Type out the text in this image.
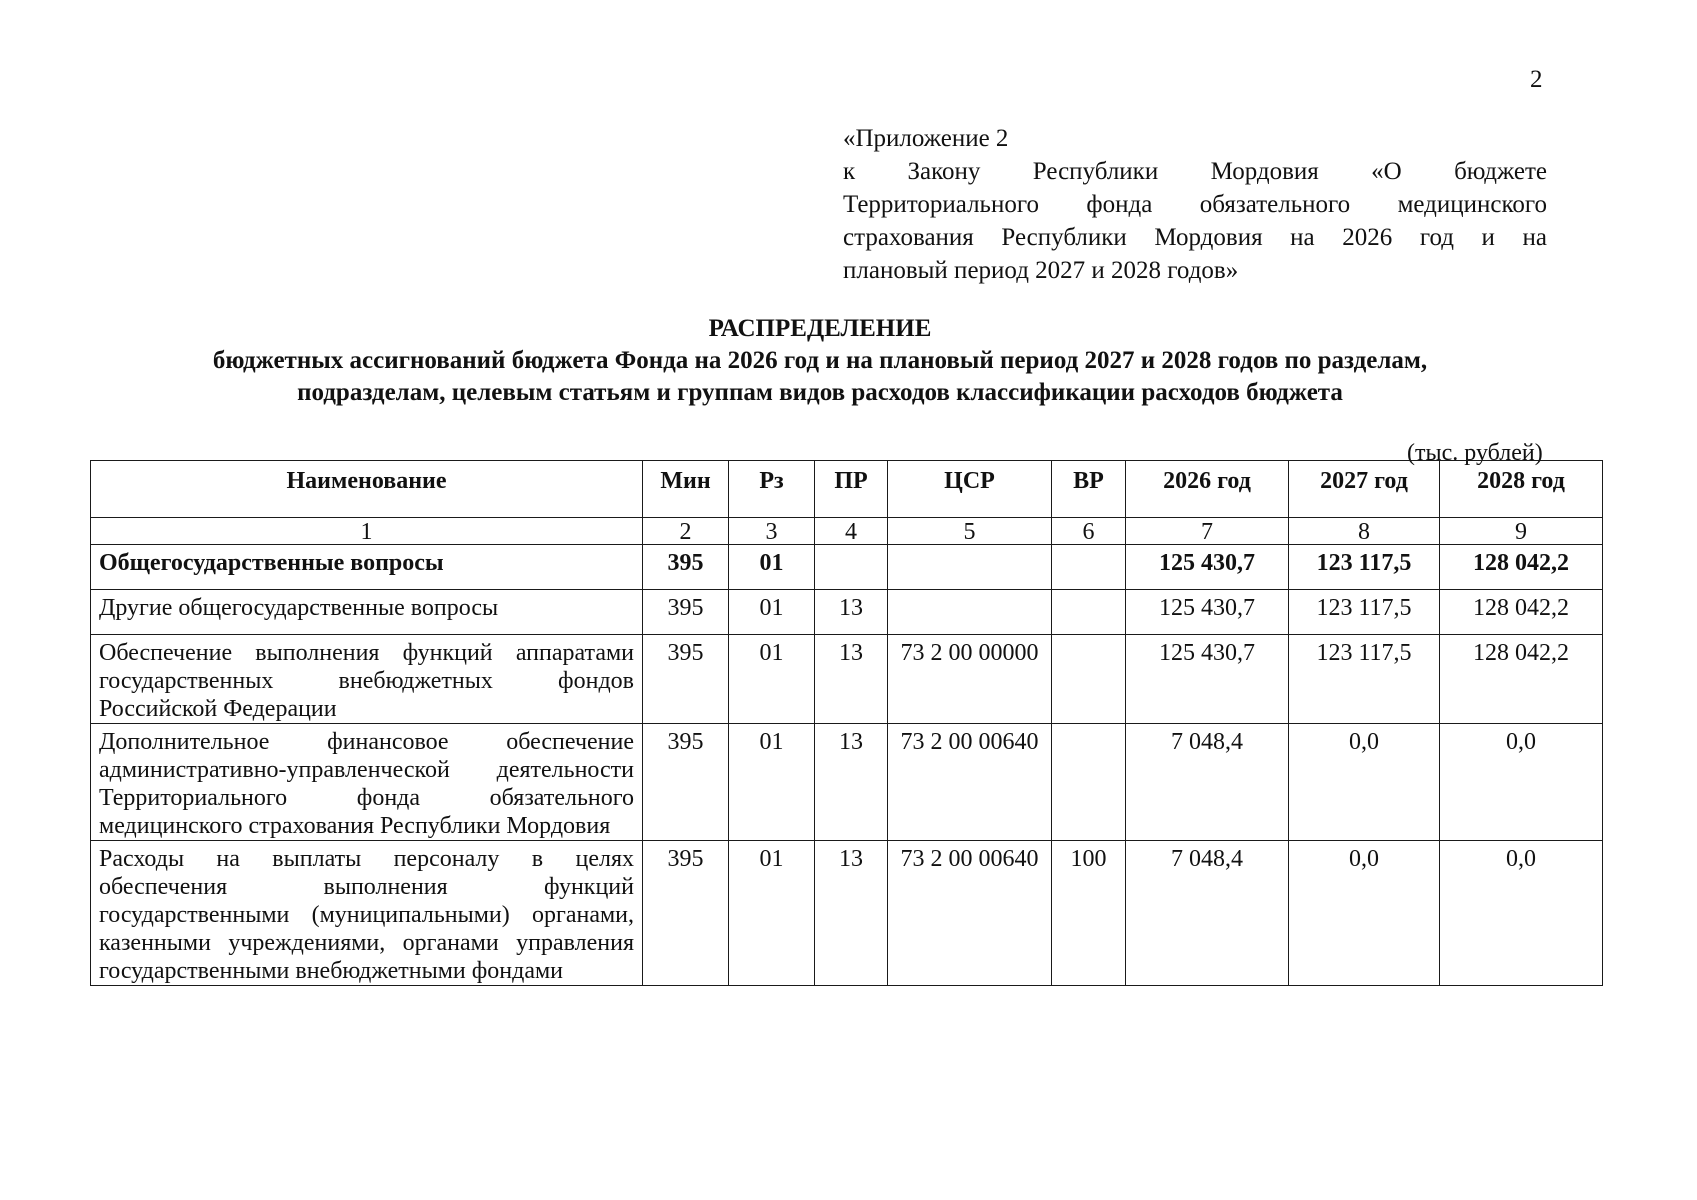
2
«Приложение 2
к Закону Республики Мордовия «О бюджете
Территориального фонда обязательного медицинского
страхования Республики Мордовия на 2026 год и на
плановый период 2027 и 2028 годов»
РАСПРЕДЕЛЕНИЕ
бюджетных ассигнований бюджета Фонда на 2026 год и на плановый период 2027 и 2028 годов по разделам,
подразделам, целевым статьям и группам видов расходов классификации расходов бюджета
(тыс. рублей)
Наименование	Мин	Рз	ПР	ЦСР	ВР	2026 год	2027 год	2028 год
1	2	3	4	5	6	7	8	9
Общегосударственные вопросы	395	01				125 430,7	123 117,5	128 042,2
Другие общегосударственные вопросы	395	01	13			125 430,7	123 117,5	128 042,2
Обеспечение выполнения функций аппаратами государственных внебюджетных фондов Российской Федерации	395	01	13	73 2 00 00000		125 430,7	123 117,5	128 042,2
Дополнительное финансовое обеспечение административно-управленческой деятельности Территориального фонда обязательного медицинского страхования Республики Мордовия	395	01	13	73 2 00 00640		7 048,4	0,0	0,0
Расходы на выплаты персоналу в целях обеспечения выполнения функций государственными (муниципальными) органами, казенными учреждениями, органами управления государственными внебюджетными фондами	395	01	13	73 2 00 00640	100	7 048,4	0,0	0,0
